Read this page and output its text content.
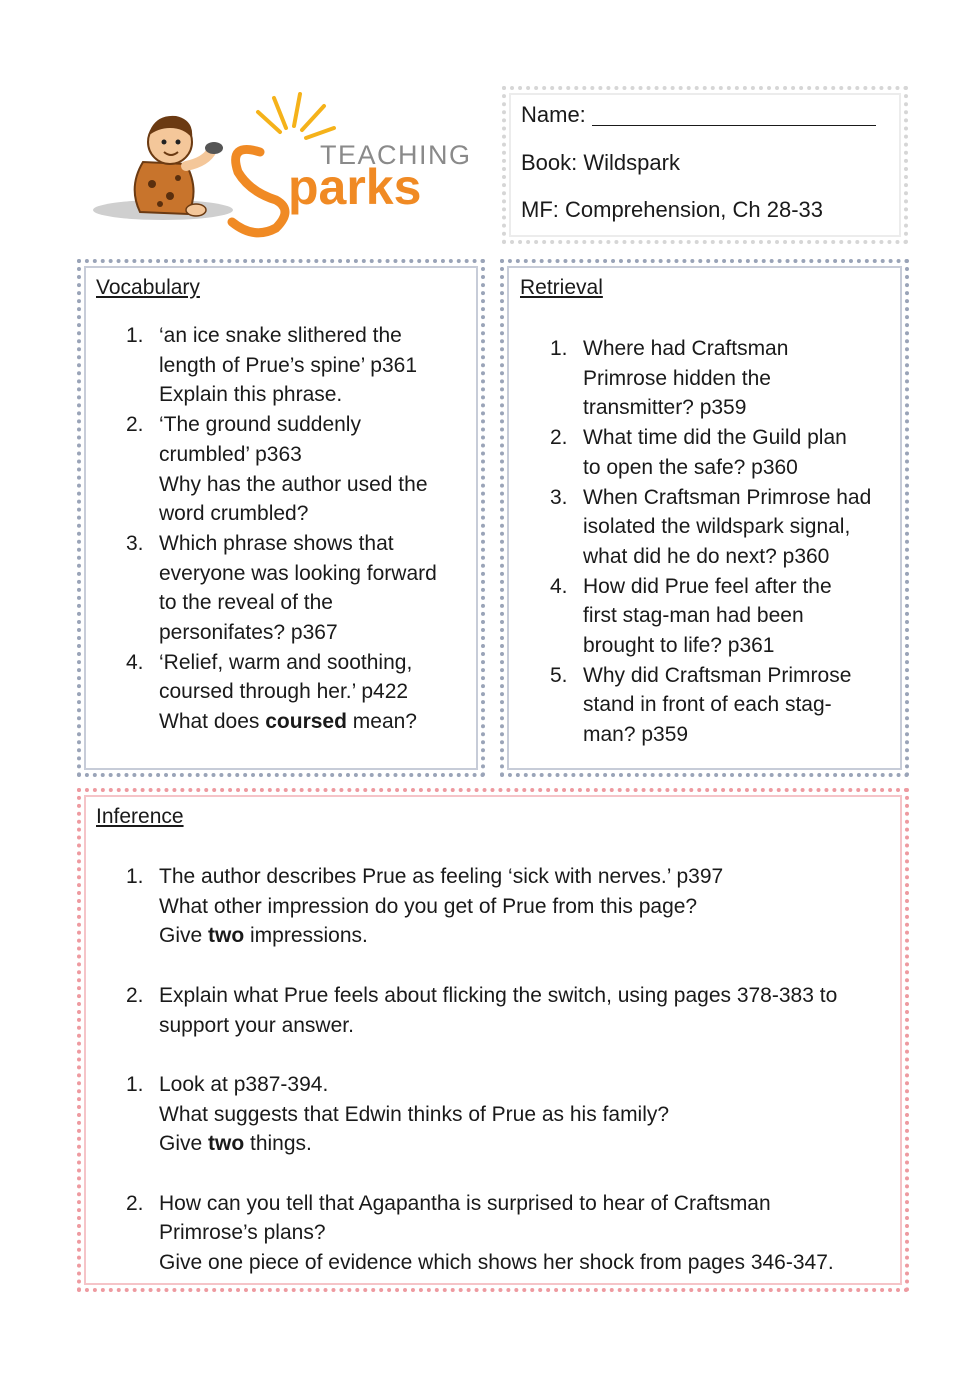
TEACHING
parks
Name:
Book: Wildspark
MF: Comprehension, Ch 28-33
Vocabulary
1. ‘an ice snake slithered the
length of Prue’s spine’ p361
Explain this phrase.
2. ‘The ground suddenly
crumbled’ p363
Why has the author used the
word crumbled?
3. Which phrase shows that
everyone was looking forward
to the reveal of the
personifates? p367
4. ‘Relief, warm and soothing,
coursed through her.’ p422
What does coursed mean?
Retrieval
1. Where had Craftsman
Primrose hidden the
transmitter? p359
2. What time did the Guild plan
to open the safe? p360
3. When Craftsman Primrose had
isolated the wildspark signal,
what did he do next? p360
4. How did Prue feel after the
first stag-man had been
brought to life? p361
5. Why did Craftsman Primrose
stand in front of each stag-
man? p359
Inference
1. The author describes Prue as feeling ‘sick with nerves.’ p397
What other impression do you get of Prue from this page?
Give two impressions.
2. Explain what Prue feels about flicking the switch, using pages 378-383 to
support your answer.
1. Look at p387-394.
What suggests that Edwin thinks of Prue as his family?
Give two things.
2. How can you tell that Agapantha is surprised to hear of Craftsman
Primrose’s plans?
Give one piece of evidence which shows her shock from pages 346-347.
